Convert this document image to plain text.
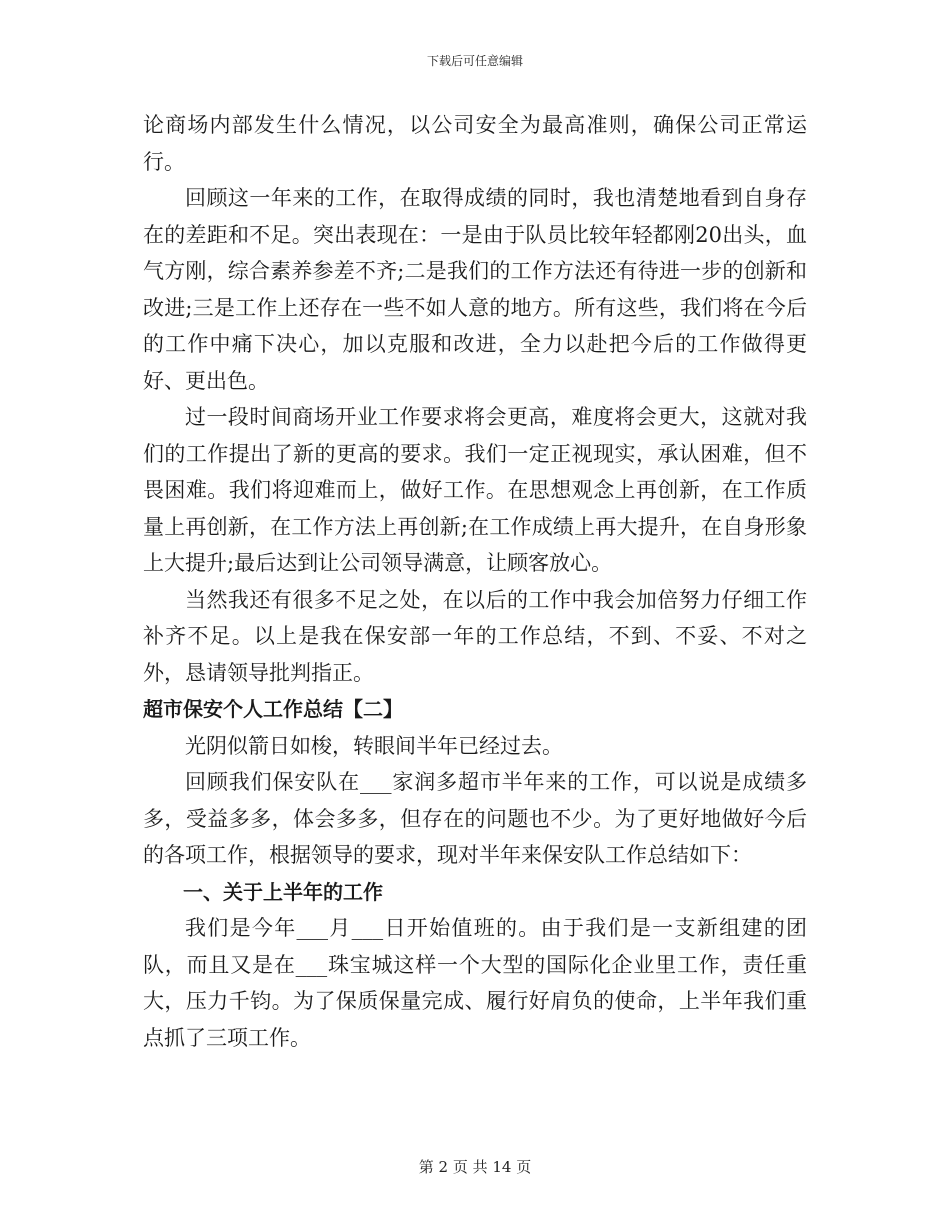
下载后可任意编辑

论商场内部发生什么情况，以公司安全为最高准则，确保公司正常运行。

回顾这一年来的工作，在取得成绩的同时，我也清楚地看到自身存在的差距和不足。突出表现在：一是由于队员比较年轻都刚20出头，血气方刚，综合素养参差不齐;二是我们的工作方法还有待进一步的创新和改进;三是工作上还存在一些不如人意的地方。所有这些，我们将在今后的工作中痛下决心，加以克服和改进，全力以赴把今后的工作做得更好、更出色。

过一段时间商场开业工作要求将会更高，难度将会更大，这就对我们的工作提出了新的更高的要求。我们一定正视现实，承认困难，但不畏困难。我们将迎难而上，做好工作。在思想观念上再创新，在工作质量上再创新，在工作方法上再创新;在工作成绩上再大提升，在自身形象上大提升;最后达到让公司领导满意，让顾客放心。

当然我还有很多不足之处，在以后的工作中我会加倍努力仔细工作补齐不足。以上是我在保安部一年的工作总结，不到、不妥、不对之外，恳请领导批判指正。

超市保安个人工作总结【二】

光阴似箭日如梭，转眼间半年已经过去。

回顾我们保安队在___家润多超市半年来的工作，可以说是成绩多多，受益多多，体会多多，但存在的问题也不少。为了更好地做好今后的各项工作，根据领导的要求，现对半年来保安队工作总结如下：

一、关于上半年的工作

我们是今年___月___日开始值班的。由于我们是一支新组建的团队，而且又是在___珠宝城这样一个大型的国际化企业里工作，责任重大，压力千钧。为了保质保量完成、履行好肩负的使命，上半年我们重点抓了三项工作。

第 2 页 共 14 页
